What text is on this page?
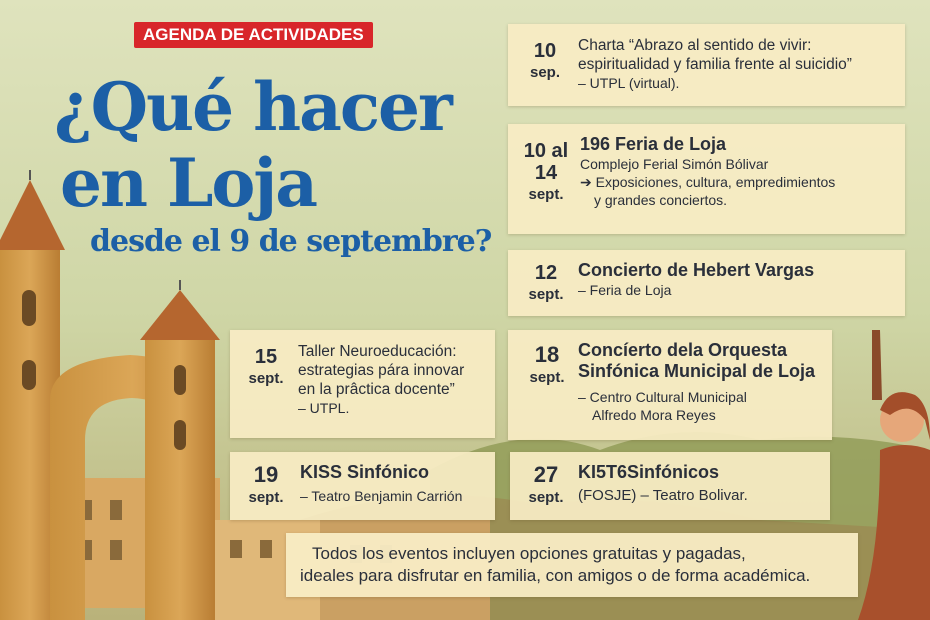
AGENDA DE ACTIVIDADES
¿Qué hacer
en Loja
desde el 9 de septembre?
10
sep.
Charta “Abrazo al sentido de vivir:
espiritualidad y familia frente al suicidio”
– UTPL (virtual).
10 al
14
sept.
196 Feria de Loja
Complejo Ferial Simón Bólivar
➔ Exposiciones, cultura, empredimientos
y grandes conciertos.
12
sept.
Concierto de Hebert Vargas
– Feria de Loja
15
sept.
Taller Neuroeducación:
estrategias pára innovar
en la prâctica docente”
– UTPL.
18
sept.
Concíerto dela Orquesta
Sinfónica Municipal de Loja
– Centro Cultural Municipal
Alfredo Mora Reyes
19
sept.
KISS Sinfónico
– Teatro Benjamin Carrión
27
sept.
KI5T6Sinfónicos
(FOSJE) – Teatro Bolivar.
Todos los eventos incluyen opciones gratuitas y pagadas,
ideales para disfrutar en familia, con amigos o de forma académica.
